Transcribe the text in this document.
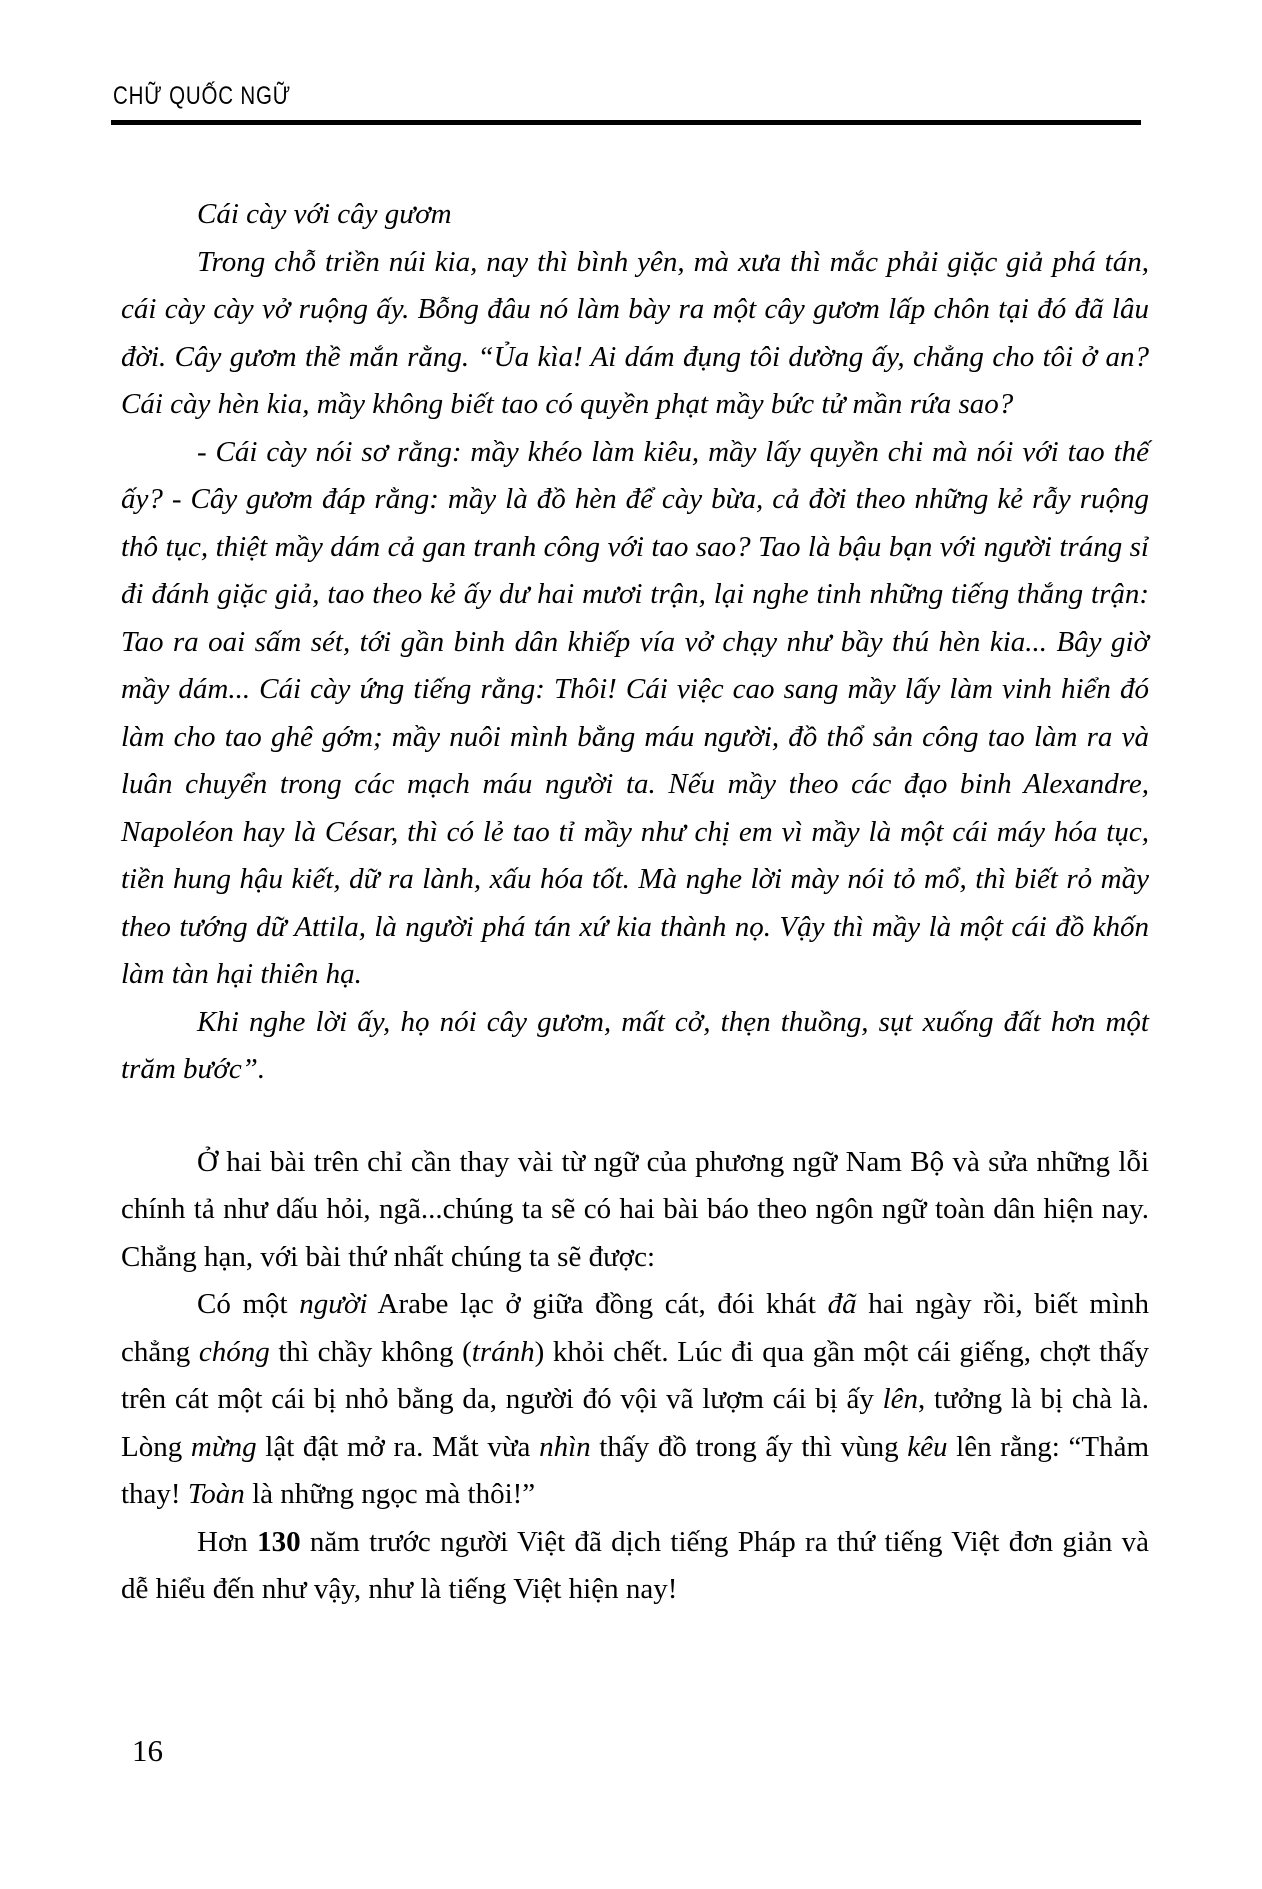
CHỮ QUỐC NGỮ
Cái cày với cây gươm

Trong chỗ triền núi kia, nay thì bình yên, mà xưa thì mắc phải giặc giả phá tán, cái cày cày vở ruộng ấy. Bỗng đâu nó làm bày ra một cây gươm lấp chôn tại đó đã lâu đời. Cây gươm thề mắn rằng. “Ủa kìa! Ai dám đụng tôi dường ấy, chẳng cho tôi ở an? Cái cày hèn kia, mầy không biết tao có quyền phạt mầy bức tử mần rứa sao?

- Cái cày nói sơ rằng: mầy khéo làm kiêu, mầy lấy quyền chi mà nói với tao thế ấy? - Cây gươm đáp rằng: mầy là đồ hèn để cày bừa, cả đời theo những kẻ rẫy ruộng thô tục, thiệt mầy dám cả gan tranh công với tao sao? Tao là bậu bạn với người tráng sỉ đi đánh giặc giả, tao theo kẻ ấy dư hai mươi trận, lại nghe tinh những tiếng thắng trận: Tao ra oai sấm sét, tới gần binh dân khiếp vía vở chạy như bầy thú hèn kia... Bây giờ mầy dám... Cái cày ứng tiếng rằng: Thôi! Cái việc cao sang mầy lấy làm vinh hiển đó làm cho tao ghê gớm; mầy nuôi mình bằng máu người, đồ thổ sản công tao làm ra và luân chuyển trong các mạch máu người ta. Nếu mầy theo các đạo binh Alexandre, Napoléon hay là César, thì có lẻ tao tỉ mầy như chị em vì mầy là một cái máy hóa tục, tiền hung hậu kiết, dữ ra lành, xấu hóa tốt. Mà nghe lời mày nói tỏ mổ, thì biết rỏ mầy theo tướng dữ Attila, là người phá tán xứ kia thành nọ. Vậy thì mầy là một cái đồ khốn làm tàn hại thiên hạ.

Khi nghe lời ấy, họ nói cây gươm, mất cở, thẹn thuồng, sụt xuống đất hơn một trăm bước”.

Ở hai bài trên chỉ cần thay vài từ ngữ của phương ngữ Nam Bộ và sửa những lỗi chính tả như dấu hỏi, ngã...chúng ta sẽ có hai bài báo theo ngôn ngữ toàn dân hiện nay. Chẳng hạn, với bài thứ nhất chúng ta sẽ được:

Có một người Arabe lạc ở giữa đồng cát, đói khát đã hai ngày rồi, biết mình chẳng chóng thì chầy không (tránh) khỏi chết. Lúc đi qua gần một cái giếng, chợt thấy trên cát một cái bị nhỏ bằng da, người đó vội vã lượm cái bị ấy lên, tưởng là bị chà là. Lòng mừng lật đật mở ra. Mắt vừa nhìn thấy đồ trong ấy thì vùng kêu lên rằng: “Thảm thay! Toàn là những ngọc mà thôi!”

Hơn 130 năm trước người Việt đã dịch tiếng Pháp ra thứ tiếng Việt đơn giản và dễ hiểu đến như vậy, như là tiếng Việt hiện nay!

16
